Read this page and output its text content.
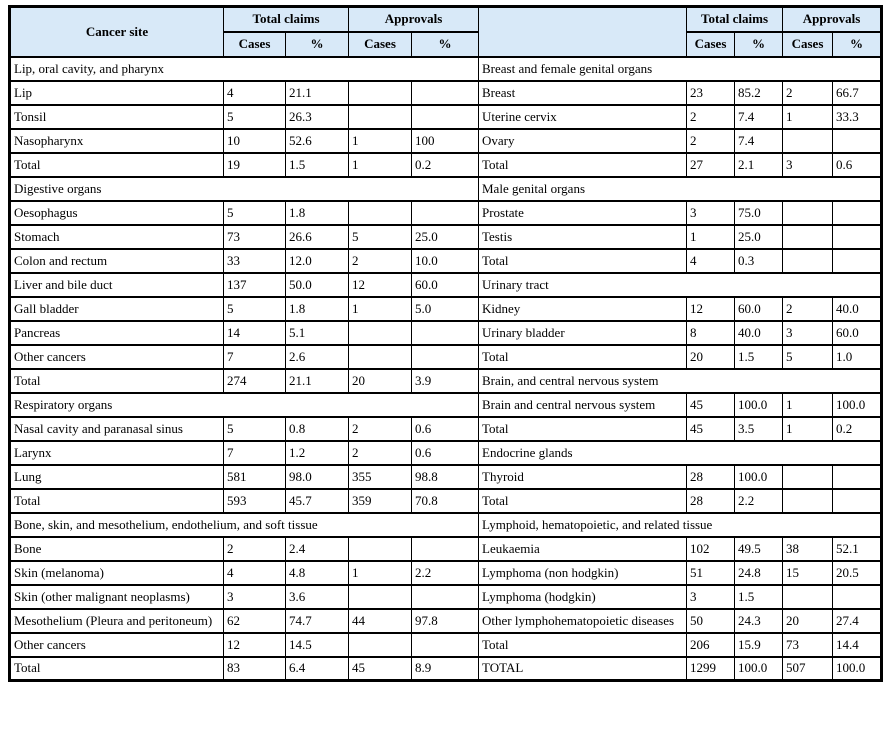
Cancer site	Total claims		Approvals			Total claims		Approvals	
	Cases	%	Cases	%		Cases	%	Cases	%
Lip, oral cavity, and pharynx					Breast and female genital organs				
Lip	4	21.1			Breast	23	85.2	2	66.7
Tonsil	5	26.3			Uterine cervix	2	7.4	1	33.3
Nasopharynx	10	52.6	1	100	Ovary	2	7.4		
Total	19	1.5	1	0.2	Total	27	2.1	3	0.6
Digestive organs					Male genital organs				
Oesophagus	5	1.8			Prostate	3	75.0		
Stomach	73	26.6	5	25.0	Testis	1	25.0		
Colon and rectum	33	12.0	2	10.0	Total	4	0.3		
Liver and bile duct	137	50.0	12	60.0	Urinary tract				
Gall bladder	5	1.8	1	5.0	Kidney	12	60.0	2	40.0
Pancreas	14	5.1			Urinary bladder	8	40.0	3	60.0
Other cancers	7	2.6			Total	20	1.5	5	1.0
Total	274	21.1	20	3.9	Brain, and central nervous system				
Respiratory organs					Brain and central nervous system	45	100.0	1	100.0
Nasal cavity and paranasal sinus	5	0.8	2	0.6	Total	45	3.5	1	0.2
Larynx	7	1.2	2	0.6	Endocrine glands				
Lung	581	98.0	355	98.8	Thyroid	28	100.0		
Total	593	45.7	359	70.8	Total	28	2.2		
Bone, skin, and mesothelium, endothelium, and soft tissue					Lymphoid, hematopoietic, and related tissue				
Bone	2	2.4			Leukaemia	102	49.5	38	52.1
Skin (melanoma)	4	4.8	1	2.2	Lymphoma (non hodgkin)	51	24.8	15	20.5
Skin (other malignant neoplasms)	3	3.6			Lymphoma (hodgkin)	3	1.5		
Mesothelium (Pleura and peritoneum)	62	74.7	44	97.8	Other lymphohematopoietic diseases	50	24.3	20	27.4
Other cancers	12	14.5			Total	206	15.9	73	14.4
Total	83	6.4	45	8.9	TOTAL	1299	100.0	507	100.0
